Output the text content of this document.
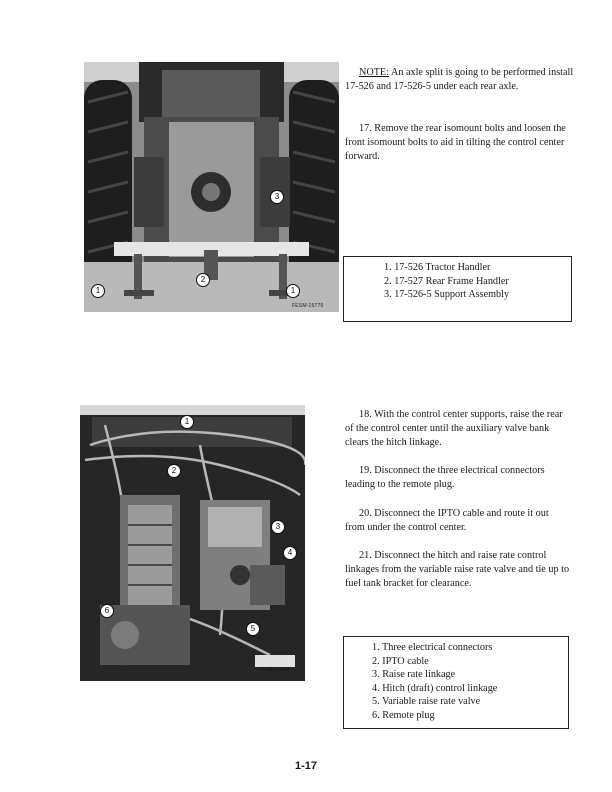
1
2
3
1
FESM-15775

NOTE: An axle split is going to be performed install 17-526 and 17-526-5 under each rear axle.

17. Remove the rear isomount bolts and loosen the front isomount bolts to aid in tilting the control center forward.

1. 17-526 Tractor Handler
2. 17-527 Rear Frame Handler
3. 17-526-5 Support Assembly
1
2
3
4
5
6
FESM-11468

18. With the control center supports, raise the rear of the control center until the auxiliary valve bank clears the hitch linkage.

19. Disconnect the three electrical connectors leading to the remote plug.

20. Disconnect the IPTO cable and route it out from under the control center.

21. Disconnect the hitch and raise rate control linkages from the variable raise rate valve and tie up to fuel tank bracket for clearance.

1. Three electrical connectors
2. IPTO cable
3. Raise rate linkage
4. Hitch (draft) control linkage
5. Variable raise rate valve
6. Remote plug
1-17
